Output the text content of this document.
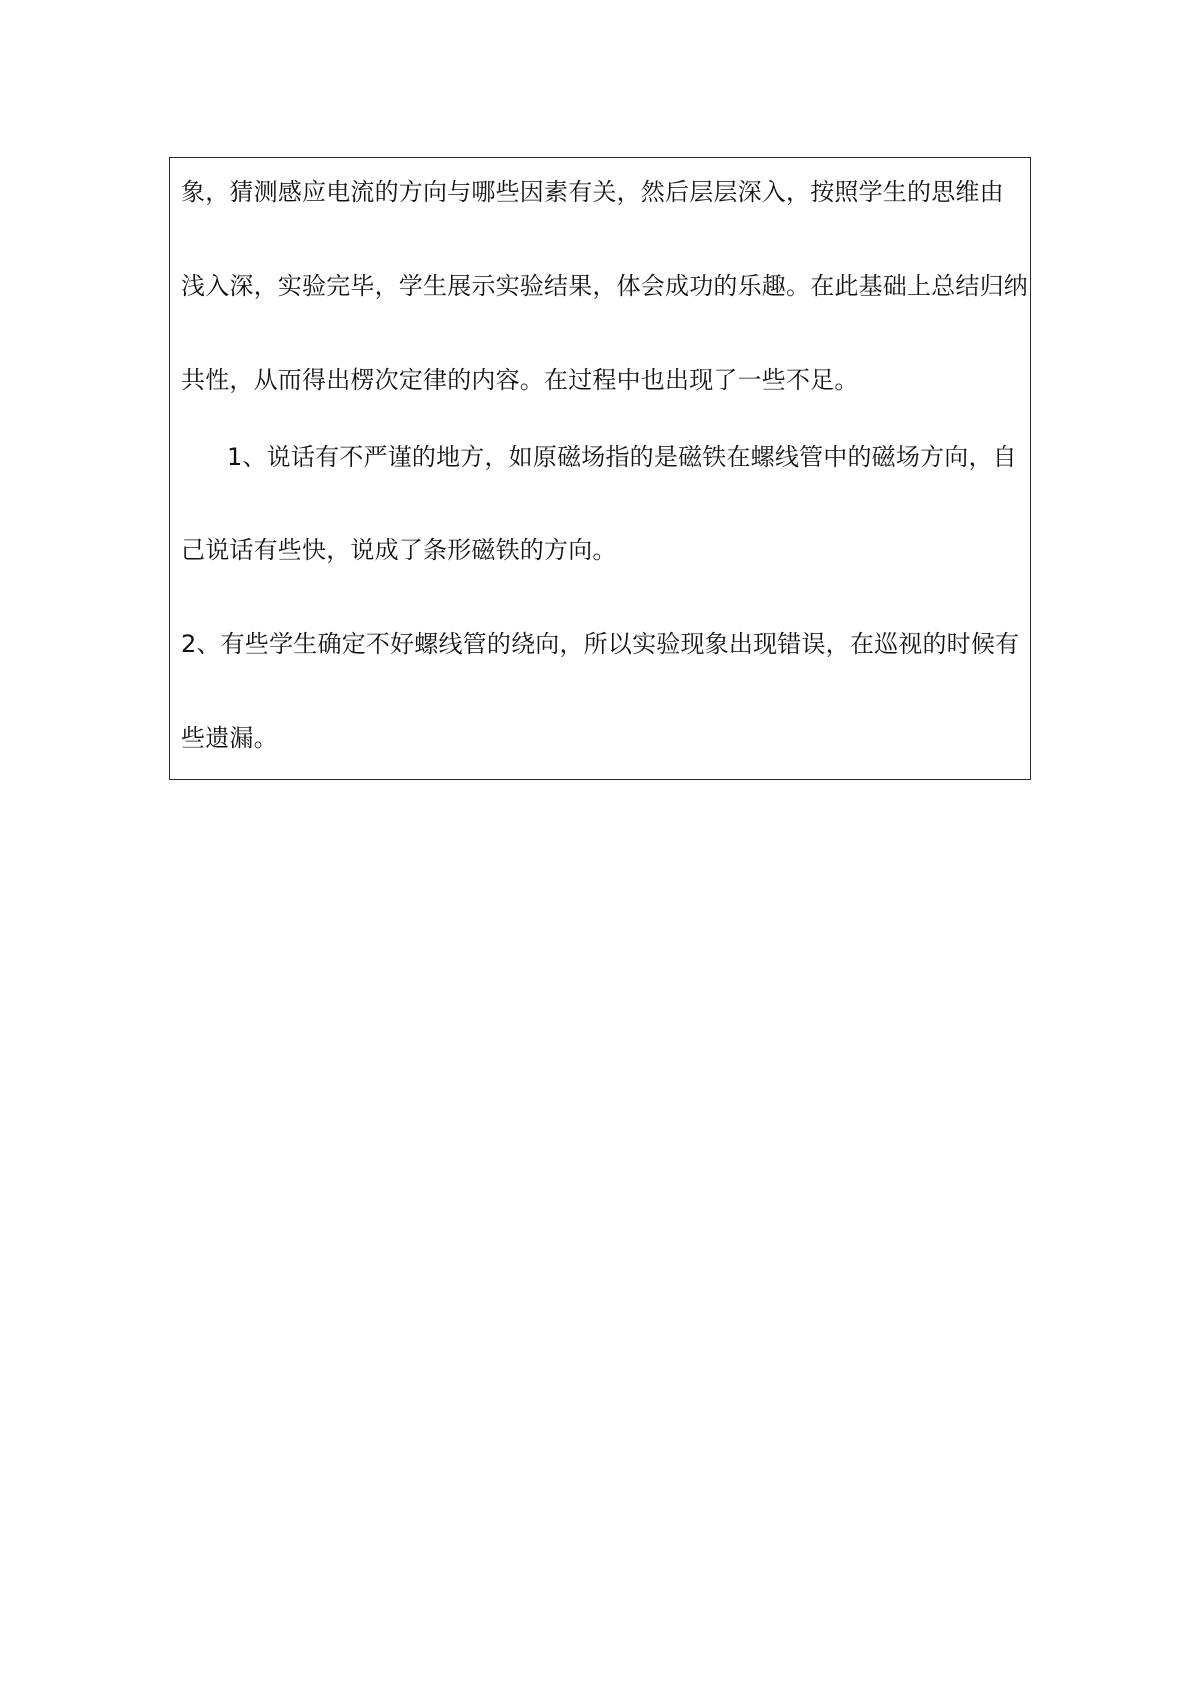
象，猜测感应电流的方向与哪些因素有关，然后层层深入，按照学生的思维由

浅入深，实验完毕，学生展示实验结果，体会成功的乐趣。在此基础上总结归纳

共性，从而得出楞次定律的内容。在过程中也出现了一些不足。

1、说话有不严谨的地方，如原磁场指的是磁铁在螺线管中的磁场方向，自

己说话有些快，说成了条形磁铁的方向。

2、有些学生确定不好螺线管的绕向，所以实验现象出现错误，在巡视的时候有

些遗漏。
